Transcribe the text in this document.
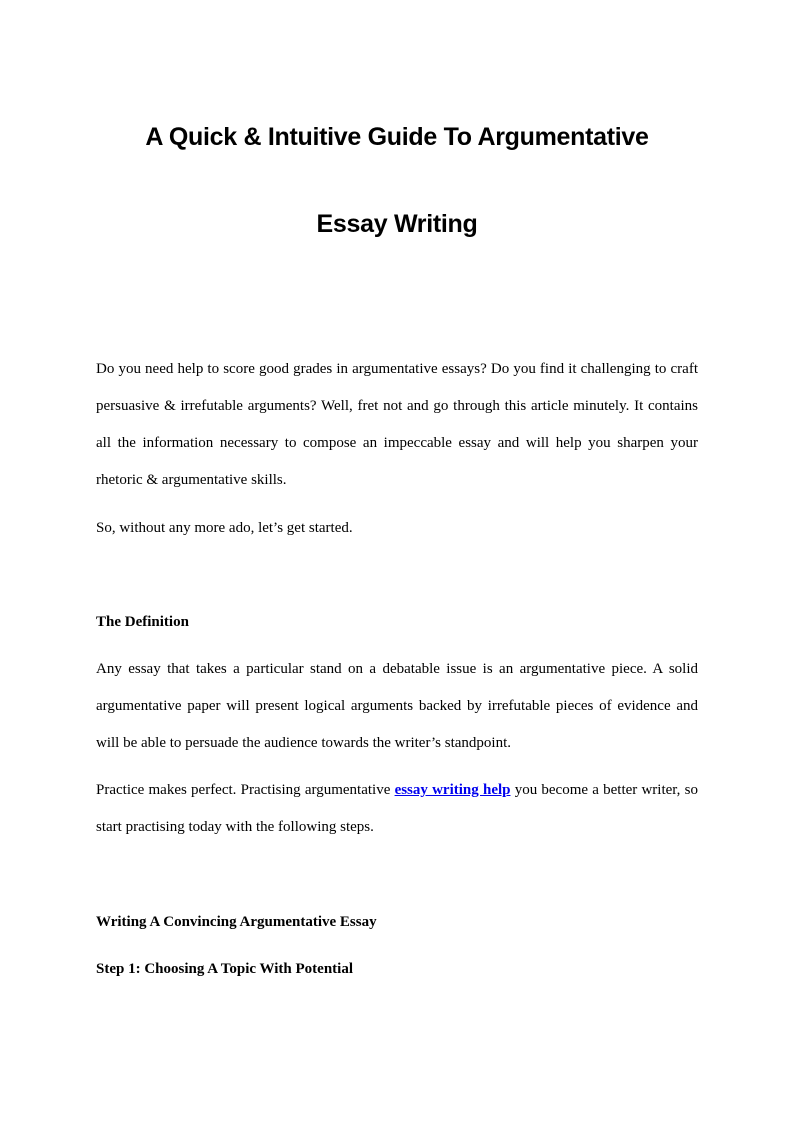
A Quick & Intuitive Guide To Argumentative
Essay Writing

Do you need help to score good grades in argumentative essays? Do you find it challenging to craft persuasive & irrefutable arguments? Well, fret not and go through this article minutely. It contains all the information necessary to compose an impeccable essay and will help you sharpen your rhetoric & argumentative skills.

So, without any more ado, let’s get started.

The Definition

Any essay that takes a particular stand on a debatable issue is an argumentative piece. A solid argumentative paper will present logical arguments backed by irrefutable pieces of evidence and will be able to persuade the audience towards the writer’s standpoint.

Practice makes perfect. Practising argumentative essay writing help you become a better writer, so start practising today with the following steps.

Writing A Convincing Argumentative Essay
Step 1: Choosing A Topic With Potential
